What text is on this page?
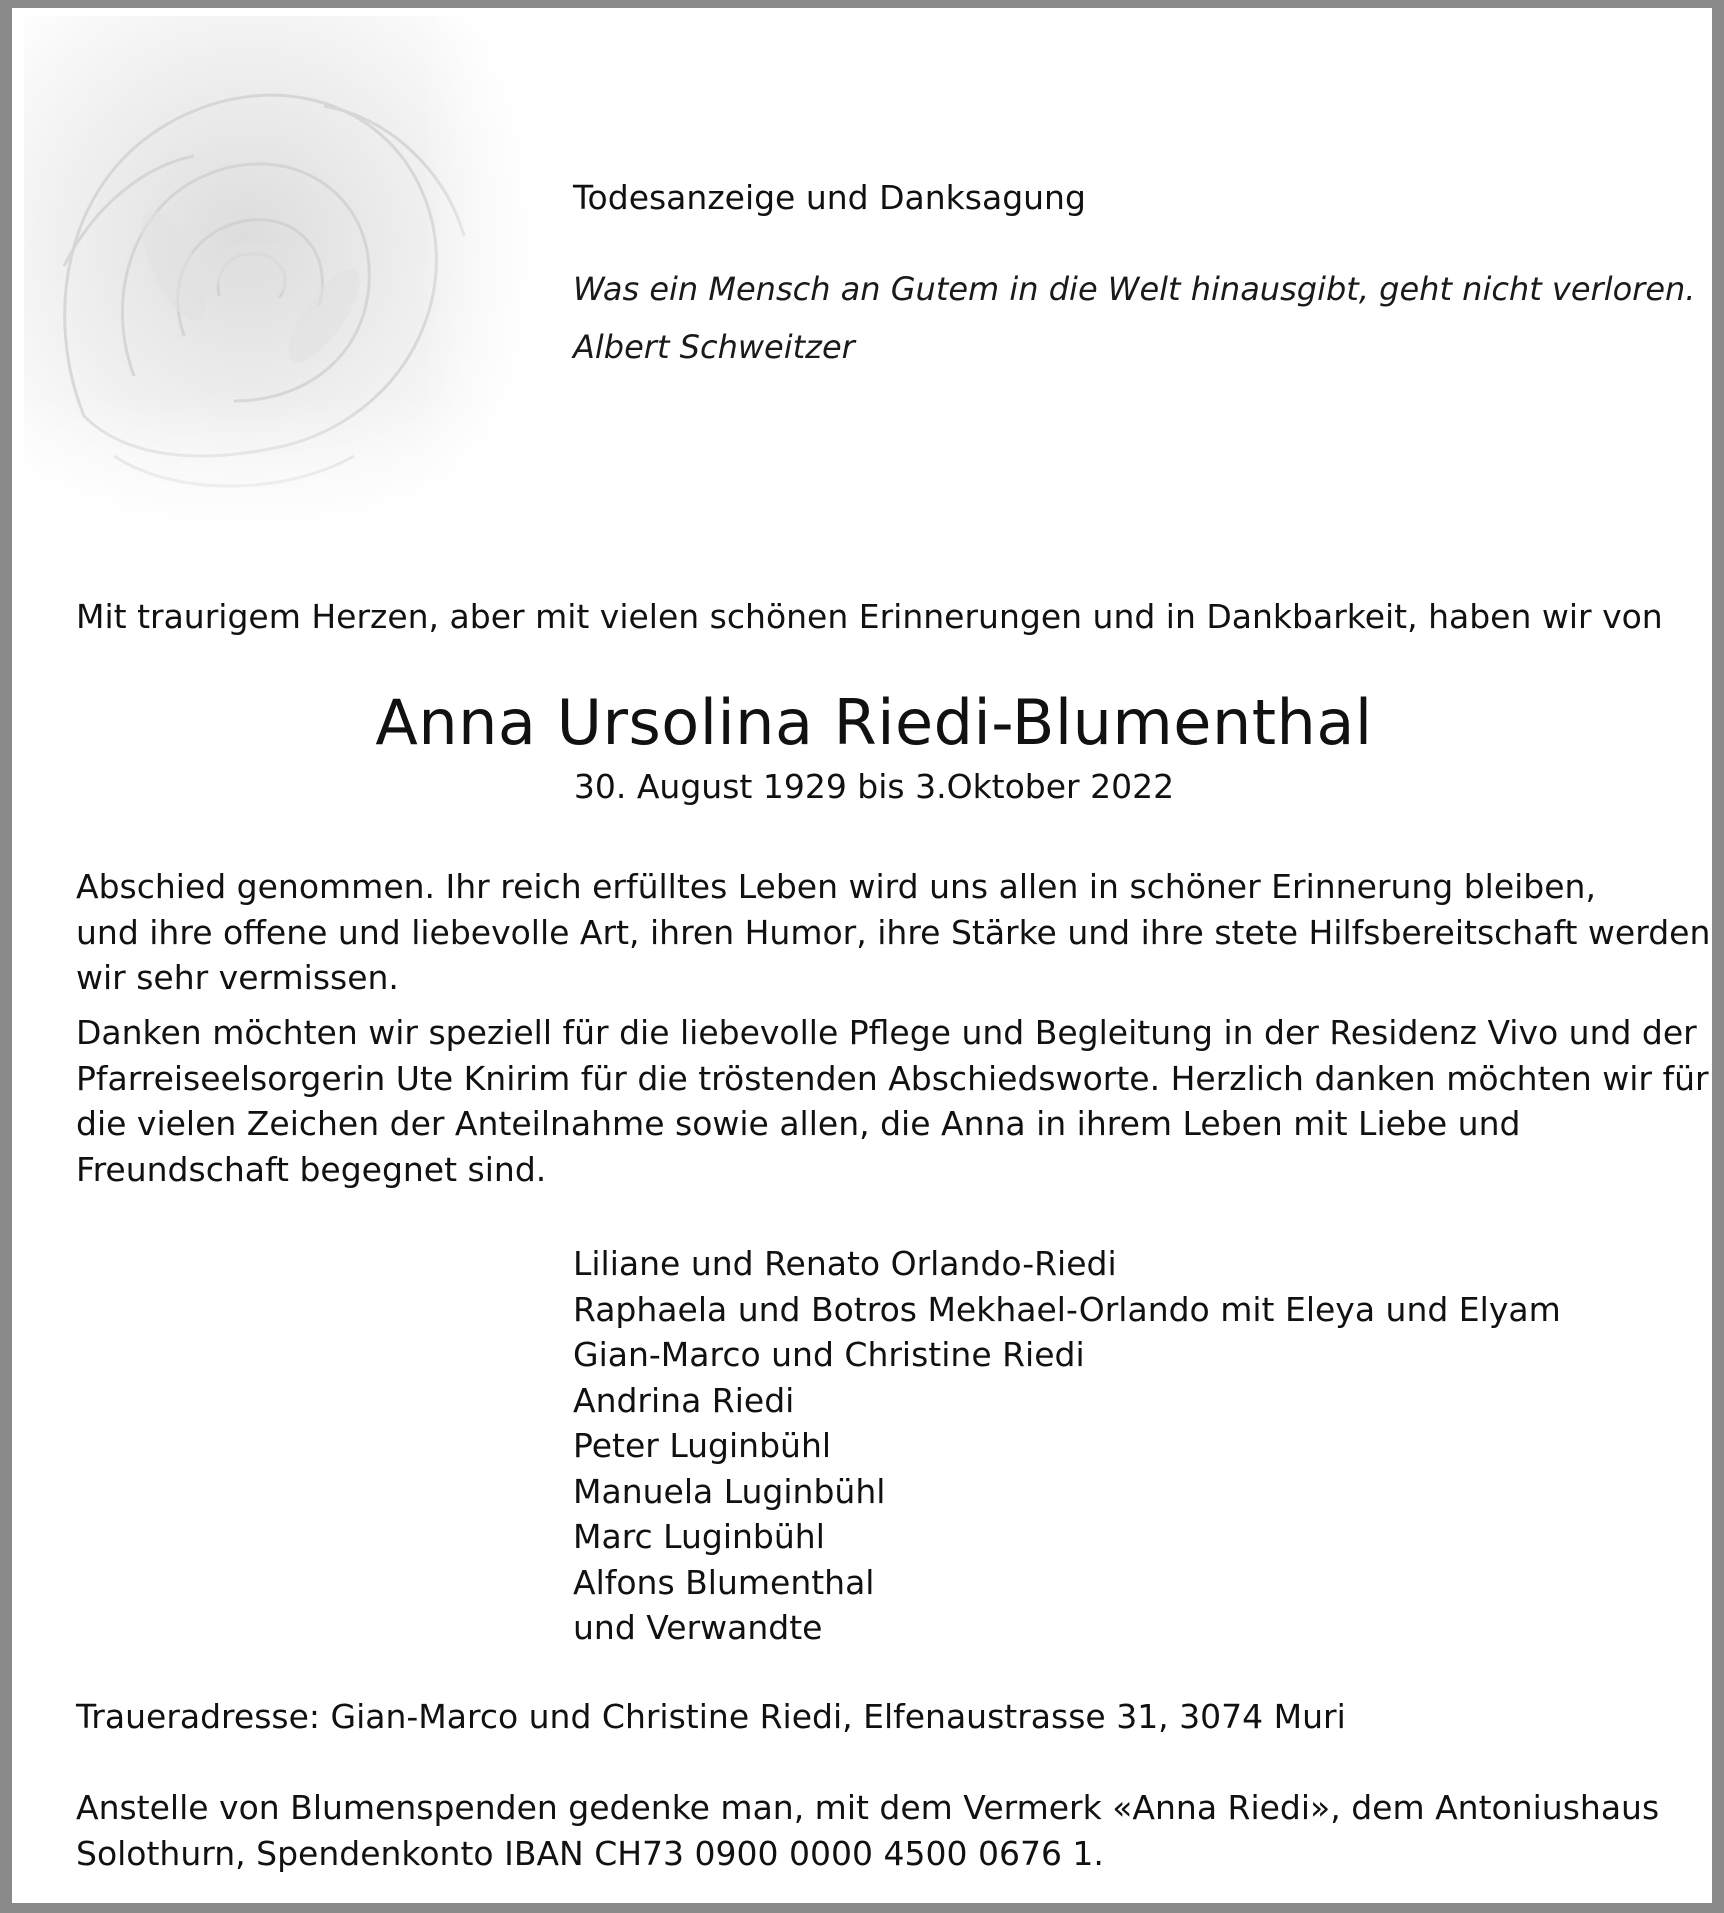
Todesanzeige und Danksagung
Was ein Mensch an Gutem in die Welt hinausgibt, geht nicht verloren.
Albert Schweitzer
Mit traurigem Herzen, aber mit vielen schönen Erinnerungen und in Dankbarkeit, haben wir von
Anna Ursolina Riedi-Blumenthal
30. August 1929 bis 3.Oktober 2022
Abschied genommen. Ihr reich erfülltes Leben wird uns allen in schöner Erinnerung bleiben,
und ihre offene und liebevolle Art, ihren Humor, ihre Stärke und ihre stete Hilfsbereitschaft werden
wir sehr vermissen.
Danken möchten wir speziell für die liebevolle Pflege und Begleitung in der Residenz Vivo und der
Pfarreiseelsorgerin Ute Knirim für die tröstenden Abschiedsworte. Herzlich danken möchten wir für
die vielen Zeichen der Anteilnahme sowie allen, die Anna in ihrem Leben mit Liebe und
Freundschaft begegnet sind.
Liliane und Renato Orlando-Riedi
Raphaela und Botros Mekhael-Orlando mit Eleya und Elyam
Gian-Marco und Christine Riedi
Andrina Riedi
Peter Luginbühl
Manuela Luginbühl
Marc Luginbühl
Alfons Blumenthal
und Verwandte
Traueradresse: Gian-Marco und Christine Riedi, Elfenaustrasse 31, 3074 Muri
Anstelle von Blumenspenden gedenke man, mit dem Vermerk «Anna Riedi», dem Antoniushaus
Solothurn, Spendenkonto IBAN CH73 0900 0000 4500 0676 1.
